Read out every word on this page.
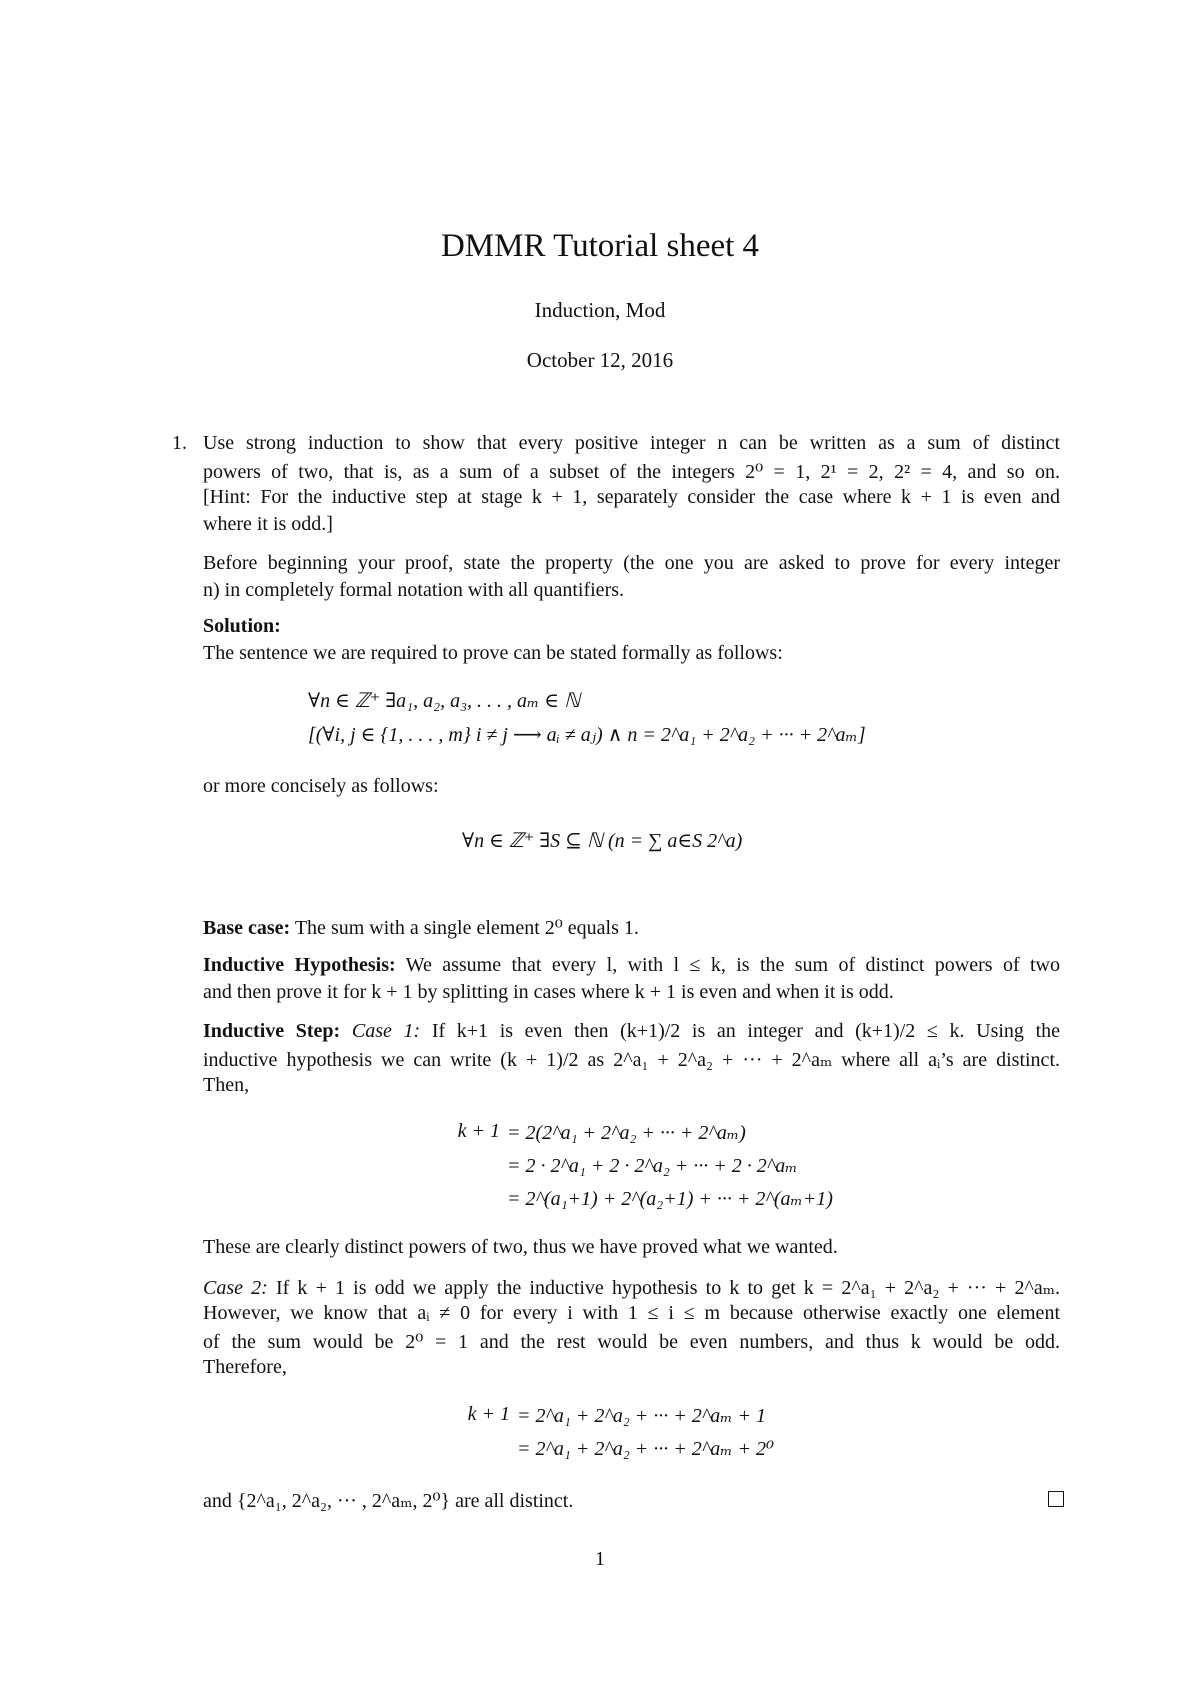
DMMR Tutorial sheet 4
Induction, Mod
October 12, 2016
1. Use strong induction to show that every positive integer n can be written as a sum of distinct
powers of two, that is, as a sum of a subset of the integers 2⁰ = 1, 2¹ = 2, 2² = 4, and so on.
[Hint: For the inductive step at stage k + 1, separately consider the case where k + 1 is even and
where it is odd.]
Before beginning your proof, state the property (the one you are asked to prove for every integer
n) in completely formal notation with all quantifiers.
Solution:
The sentence we are required to prove can be stated formally as follows:
∀n ∈ ℤ⁺ ∃a₁, a₂, a₃, . . . , aₘ ∈ ℕ
[(∀i, j ∈ {1, . . . , m} i ≠ j ⟶ aᵢ ≠ aⱼ) ∧ n = 2^a₁ + 2^a₂ + ··· + 2^aₘ]
or more concisely as follows:
∀n ∈ ℤ⁺ ∃S ⊆ ℕ (n = ∑ a∈S 2^a)
Base case: The sum with a single element 2⁰ equals 1.
Inductive Hypothesis: We assume that every l, with l ≤ k, is the sum of distinct powers of two
and then prove it for k + 1 by splitting in cases where k + 1 is even and when it is odd.
Inductive Step: Case 1: If k+1 is even then (k+1)/2 is an integer and (k+1)/2 ≤ k. Using the
inductive hypothesis we can write (k + 1)/2 as 2^a₁ + 2^a₂ + ··· + 2^aₘ where all aᵢ’s are distinct.
Then,
k + 1 = 2(2^a₁ + 2^a₂ + ··· + 2^aₘ)
= 2 · 2^a₁ + 2 · 2^a₂ + ··· + 2 · 2^aₘ
= 2^(a₁+1) + 2^(a₂+1) + ··· + 2^(aₘ+1)
These are clearly distinct powers of two, thus we have proved what we wanted.
Case 2: If k + 1 is odd we apply the inductive hypothesis to k to get k = 2^a₁ + 2^a₂ + ··· + 2^aₘ.
However, we know that aᵢ ≠ 0 for every i with 1 ≤ i ≤ m because otherwise exactly one element
of the sum would be 2⁰ = 1 and the rest would be even numbers, and thus k would be odd.
Therefore,
k + 1 = 2^a₁ + 2^a₂ + ··· + 2^aₘ + 1
= 2^a₁ + 2^a₂ + ··· + 2^aₘ + 2⁰
and {2^a₁, 2^a₂, ··· , 2^aₘ, 2⁰} are all distinct.
1
